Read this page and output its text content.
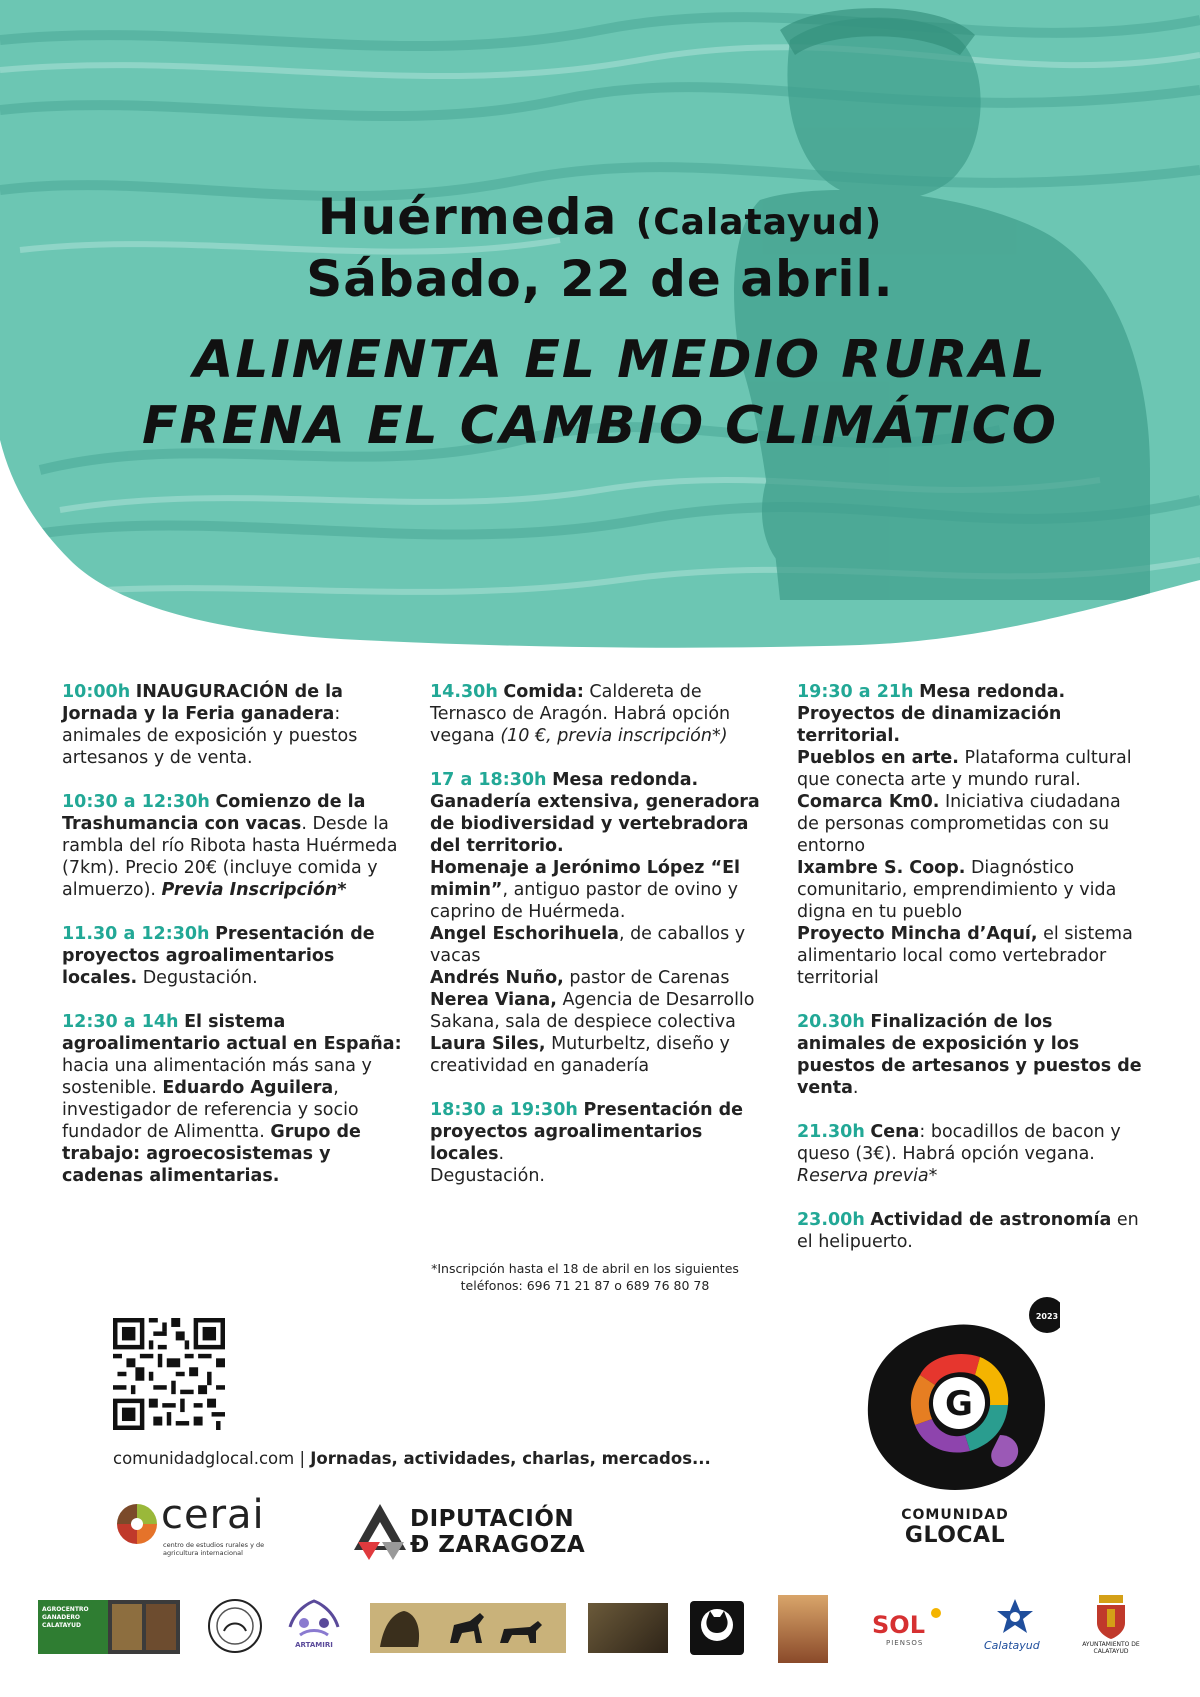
Huérmeda (Calatayud)
Sábado, 22 de abril.
ALIMENTA EL MEDIO RURAL
FRENA EL CAMBIO CLIMÁTICO

10:00h INAUGURACIÓN de la Jornada y la Feria ganadera: animales de exposición y puestos artesanos y de venta.

10:30 a 12:30h Comienzo de la Trashumancia con vacas. Desde la rambla del río Ribota hasta Huérmeda (7km). Precio 20€ (incluye comida y almuerzo). Previa Inscripción*

11.30 a 12:30h Presentación de proyectos agroalimentarios locales. Degustación.

12:30 a 14h El sistema agroalimentario actual en España: hacia una alimentación más sana y sostenible. Eduardo Aguilera, investigador de referencia y socio fundador de Alimentta. Grupo de trabajo: agroecosistemas y cadenas alimentarias.

14.30h Comida: Caldereta de Ternasco de Aragón. Habrá opción vegana (10 €, previa inscripción*)

17 a 18:30h Mesa redonda. Ganadería extensiva, generadora de biodiversidad y vertebradora del territorio.
Homenaje a Jerónimo López “El mimin”, antiguo pastor de ovino y caprino de Huérmeda.
Angel Eschorihuela, de caballos y vacas
Andrés Nuño, pastor de Carenas
Nerea Viana, Agencia de Desarrollo Sakana, sala de despiece colectiva
Laura Siles, Muturbeltz, diseño y creatividad en ganadería

18:30 a 19:30h Presentación de proyectos agroalimentarios locales.
Degustación.

19:30 a 21h Mesa redonda. Proyectos de dinamización territorial.
Pueblos en arte. Plataforma cultural que conecta arte y mundo rural.
Comarca Km0. Iniciativa ciudadana de personas comprometidas con su entorno
Ixambre S. Coop. Diagnóstico comunitario, emprendimiento y vida digna en tu pueblo
Proyecto Mincha d’Aquí, el sistema alimentario local como vertebrador territorial

20.30h Finalización de los animales de exposición y los puestos de artesanos y puestos de venta.

21.30h Cena: bocadillos de bacon y queso (3€). Habrá opción vegana.
Reserva previa*

23.00h Actividad de astronomía en el helipuerto.

*Inscripción hasta el 18 de abril en los siguientes
teléfonos: 696 71 21 87 o 689 76 80 78
comunidadglocal.com | Jornadas, actividades, charlas, mercados...
cerai
centro de estudios rurales y de agricultura internacional
DIPUTACIÓN
Ɖ ZARAGOZA
G
2023
COMUNIDAD
GLOCAL
AGROCENTRO GANADERO CALATAYUD
ARTAMIRI
SOL
PIENSOS	Calatayud	AYUNTAMIENTO DE CALATAYUD
